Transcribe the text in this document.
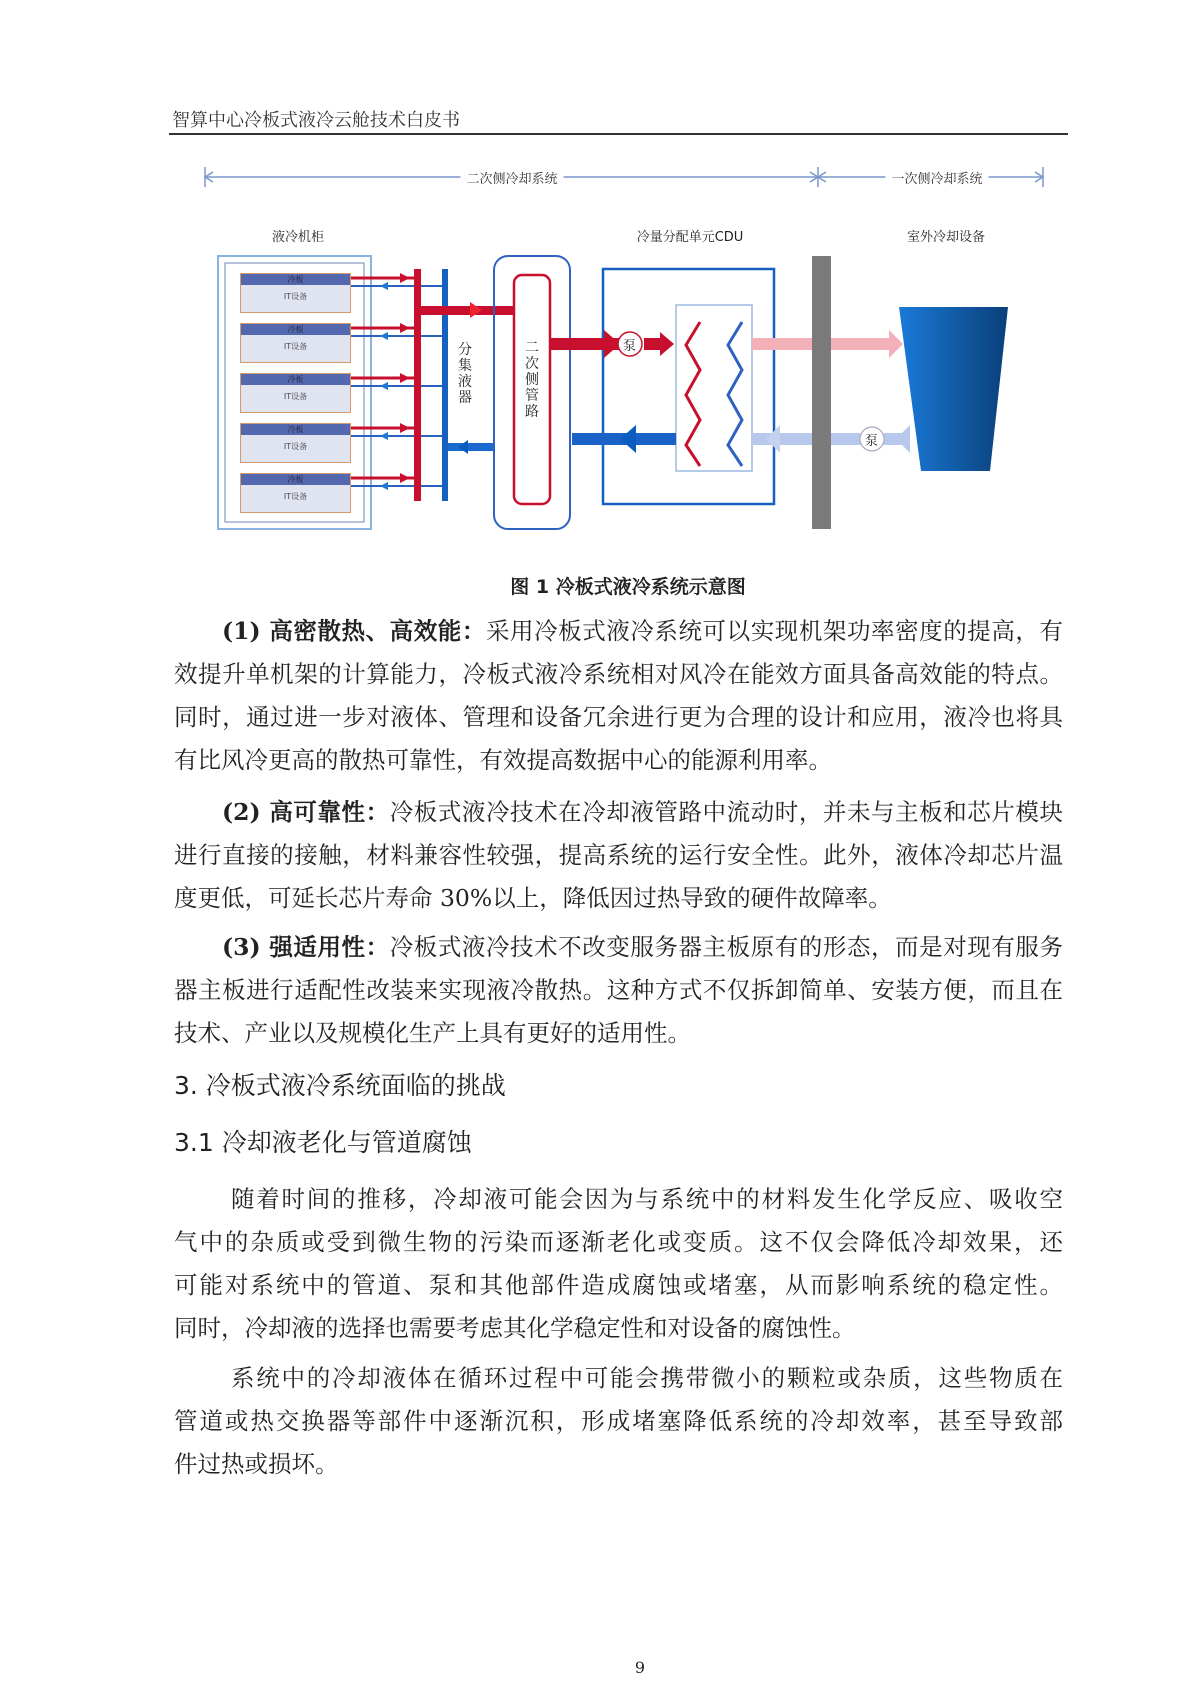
智算中心冷板式液冷云舱技术白皮书
二次侧冷却系统	一次侧冷却系统
液冷机柜	冷量分配单元CDU	室外冷却设备
冷板
IT设备
冷板
IT设备
冷板
IT设备
冷板
IT设备
冷板
IT设备
分集液器
二次侧管路
泵
泵
图 1 冷板式液冷系统示意图
(1) 高密散热、高效能：采用冷板式液冷系统可以实现机架功率密度的提高，有
效提升单机架的计算能力，冷板式液冷系统相对风冷在能效方面具备高效能的特点。
同时，通过进一步对液体、管理和设备冗余进行更为合理的设计和应用，液冷也将具
有比风冷更高的散热可靠性，有效提高数据中心的能源利用率。
(2) 高可靠性：冷板式液冷技术在冷却液管路中流动时，并未与主板和芯片模块
进行直接的接触，材料兼容性较强，提高系统的运行安全性。此外，液体冷却芯片温
度更低，可延长芯片寿命 30%以上，降低因过热导致的硬件故障率。
(3) 强适用性：冷板式液冷技术不改变服务器主板原有的形态，而是对现有服务
器主板进行适配性改装来实现液冷散热。这种方式不仅拆卸简单、安装方便，而且在
技术、产业以及规模化生产上具有更好的适用性。
3. 冷板式液冷系统面临的挑战
3.1 冷却液老化与管道腐蚀
随着时间的推移，冷却液可能会因为与系统中的材料发生化学反应、吸收空
气中的杂质或受到微生物的污染而逐渐老化或变质。这不仅会降低冷却效果，还
可能对系统中的管道、泵和其他部件造成腐蚀或堵塞，从而影响系统的稳定性。
同时，冷却液的选择也需要考虑其化学稳定性和对设备的腐蚀性。
系统中的冷却液体在循环过程中可能会携带微小的颗粒或杂质，这些物质在
管道或热交换器等部件中逐渐沉积，形成堵塞降低系统的冷却效率，甚至导致部
件过热或损坏。
9
